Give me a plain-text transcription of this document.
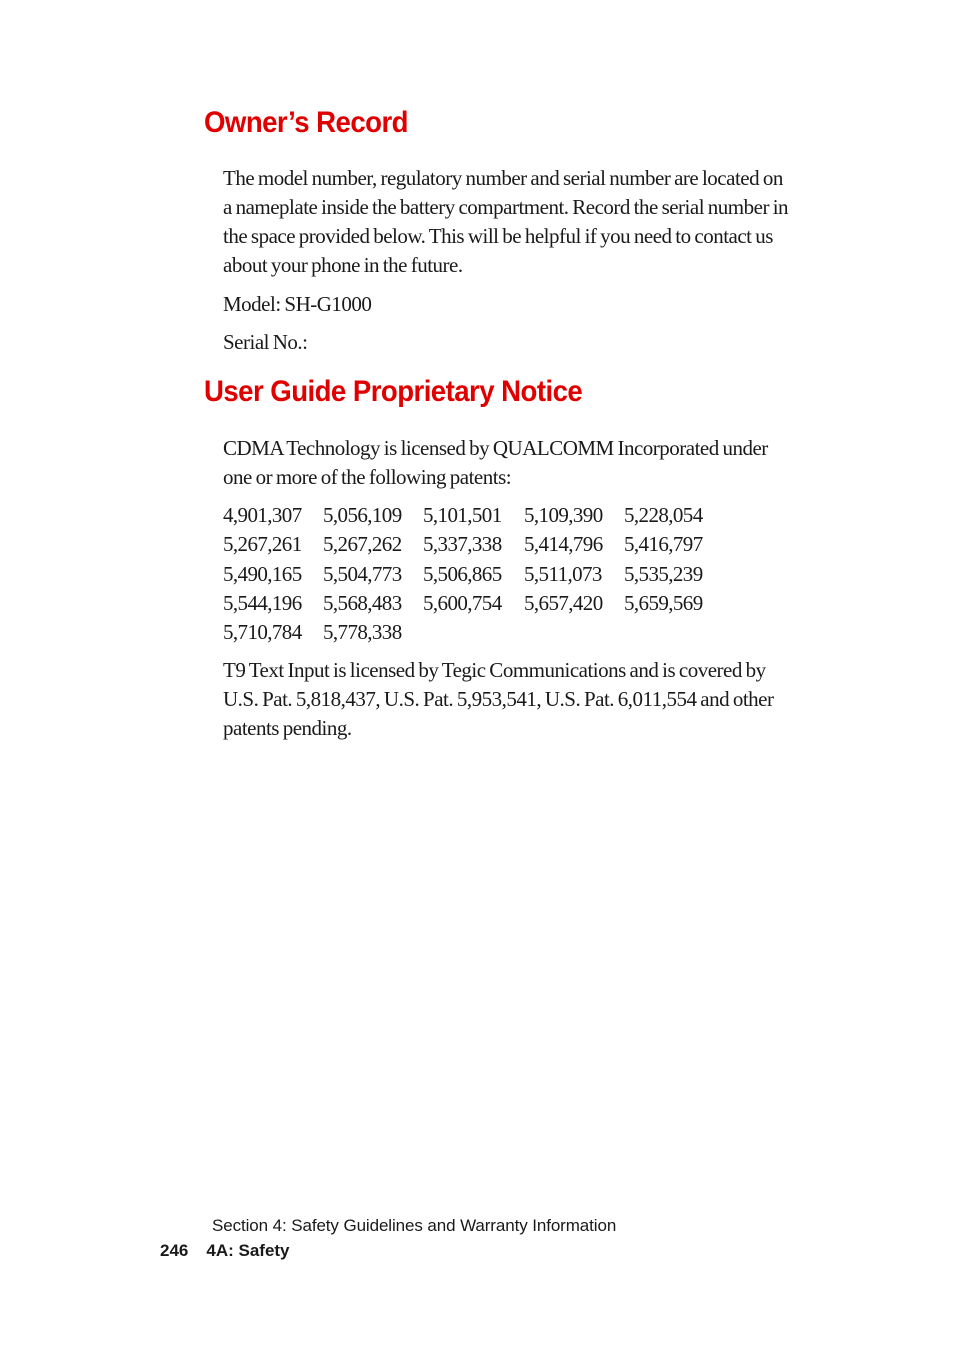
Owner’s Record

The model number, regulatory number and serial number are located on a nameplate inside the battery compartment. Record the serial number in the space provided below. This will be helpful if you need to contact us about your phone in the future.

Model: SH-G1000

Serial No.:

User Guide Proprietary Notice

CDMA Technology is licensed by QUALCOMM Incorporated under one or more of the following patents:

4,901,307	5,056,109	5,101,501	5,109,390	5,228,054
5,267,261	5,267,262	5,337,338	5,414,796	5,416,797
5,490,165	5,504,773	5,506,865	5,511,073	5,535,239
5,544,196	5,568,483	5,600,754	5,657,420	5,659,569
5,710,784	5,778,338

T9 Text Input is licensed by Tegic Communications and is covered by U.S. Pat. 5,818,437, U.S. Pat. 5,953,541, U.S. Pat. 6,011,554 and other patents pending.

Section 4: Safety Guidelines and Warranty Information
246 4A: Safety
